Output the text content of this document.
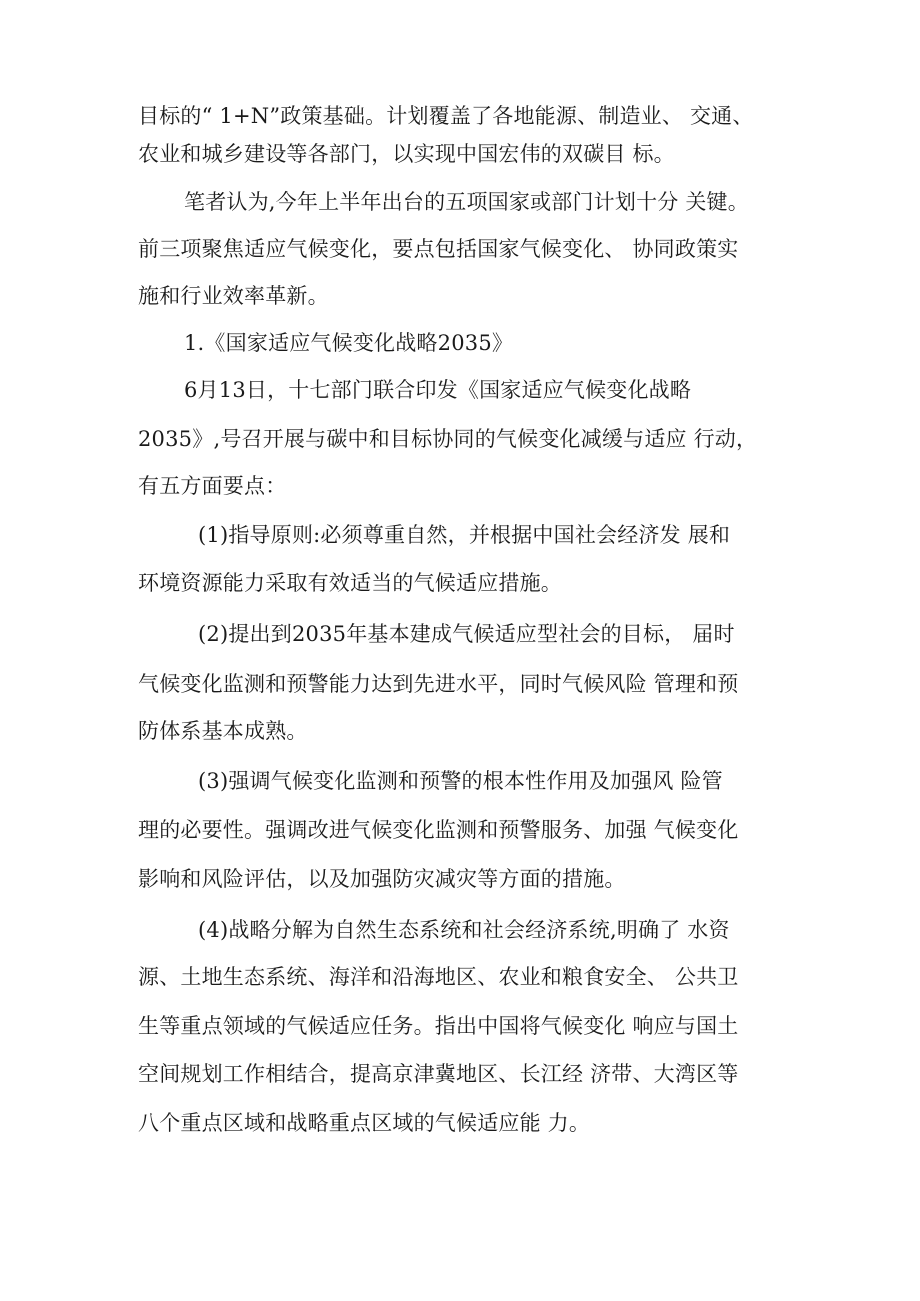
目标的“ 1+N”政策基础。计划覆盖了各地能源、制造业、 交通、
农业和城乡建设等各部门，以实现中国宏伟的双碳目 标。
笔者认为,今年上半年出台的五项国家或部门计划十分 关键。
前三项聚焦适应气候变化，要点包括国家气候变化、 协同政策实
施和行业效率革新。
1.《国家适应气候变化战略2035》
6月13日，十七部门联合印发《国家适应气候变化战略
2035》,号召开展与碳中和目标协同的气候变化减缓与适应 行动，
有五方面要点：
(1)指导原则:必须尊重自然，并根据中国社会经济发 展和
环境资源能力采取有效适当的气候适应措施。
(2)提出到2035年基本建成气候适应型社会的目标， 届时
气候变化监测和预警能力达到先进水平，同时气候风险 管理和预
防体系基本成熟。
(3)强调气候变化监测和预警的根本性作用及加强风 险管
理的必要性。强调改进气候变化监测和预警服务、加强 气候变化
影响和风险评估，以及加强防灾减灾等方面的措施。
(4)战略分解为自然生态系统和社会经济系统,明确了 水资
源、土地生态系统、海洋和沿海地区、农业和粮食安全、 公共卫
生等重点领域的气候适应任务。指出中国将气候变化 响应与国土
空间规划工作相结合，提高京津冀地区、长江经 济带、大湾区等
八个重点区域和战略重点区域的气候适应能 力。
